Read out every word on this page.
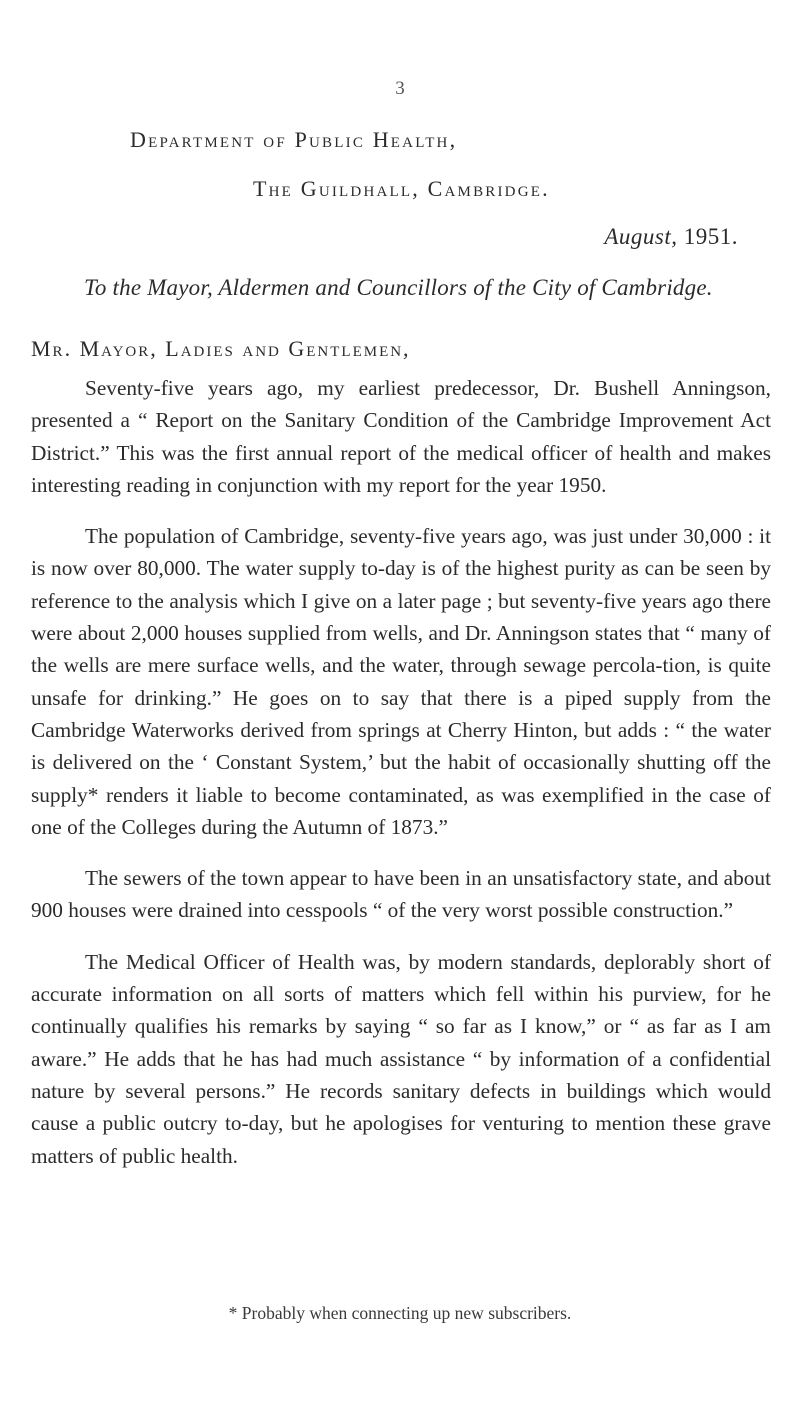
3
Department of Public Health,
The Guildhall, Cambridge.
August, 1951.
To the Mayor, Aldermen and Councillors of the City of Cambridge.
Mr. Mayor, Ladies and Gentlemen,

Seventy-five years ago, my earliest predecessor, Dr. Bushell Anningson, presented a “ Report on the Sanitary Condition of the Cambridge Improvement Act District.” This was the first annual report of the medical officer of health and makes interesting reading in conjunction with my report for the year 1950.

The population of Cambridge, seventy-five years ago, was just under 30,000 : it is now over 80,000. The water supply to-day is of the highest purity as can be seen by reference to the analysis which I give on a later page ; but seventy-five years ago there were about 2,000 houses supplied from wells, and Dr. Anningson states that “ many of the wells are mere surface wells, and the water, through sewage percola-tion, is quite unsafe for drinking.” He goes on to say that there is a piped supply from the Cambridge Waterworks derived from springs at Cherry Hinton, but adds : “ the water is delivered on the ‘ Constant System,’ but the habit of occasionally shutting off the supply* renders it liable to become contaminated, as was exemplified in the case of one of the Colleges during the Autumn of 1873.”

The sewers of the town appear to have been in an unsatisfactory state, and about 900 houses were drained into cesspools “ of the very worst possible construction.”

The Medical Officer of Health was, by modern standards, deplorably short of accurate information on all sorts of matters which fell within his purview, for he continually qualifies his remarks by saying “ so far as I know,” or “ as far as I am aware.” He adds that he has had much assistance “ by information of a confidential nature by several persons.” He records sanitary defects in buildings which would cause a public outcry to-day, but he apologises for venturing to mention these grave matters of public health.

* Probably when connecting up new subscribers.
